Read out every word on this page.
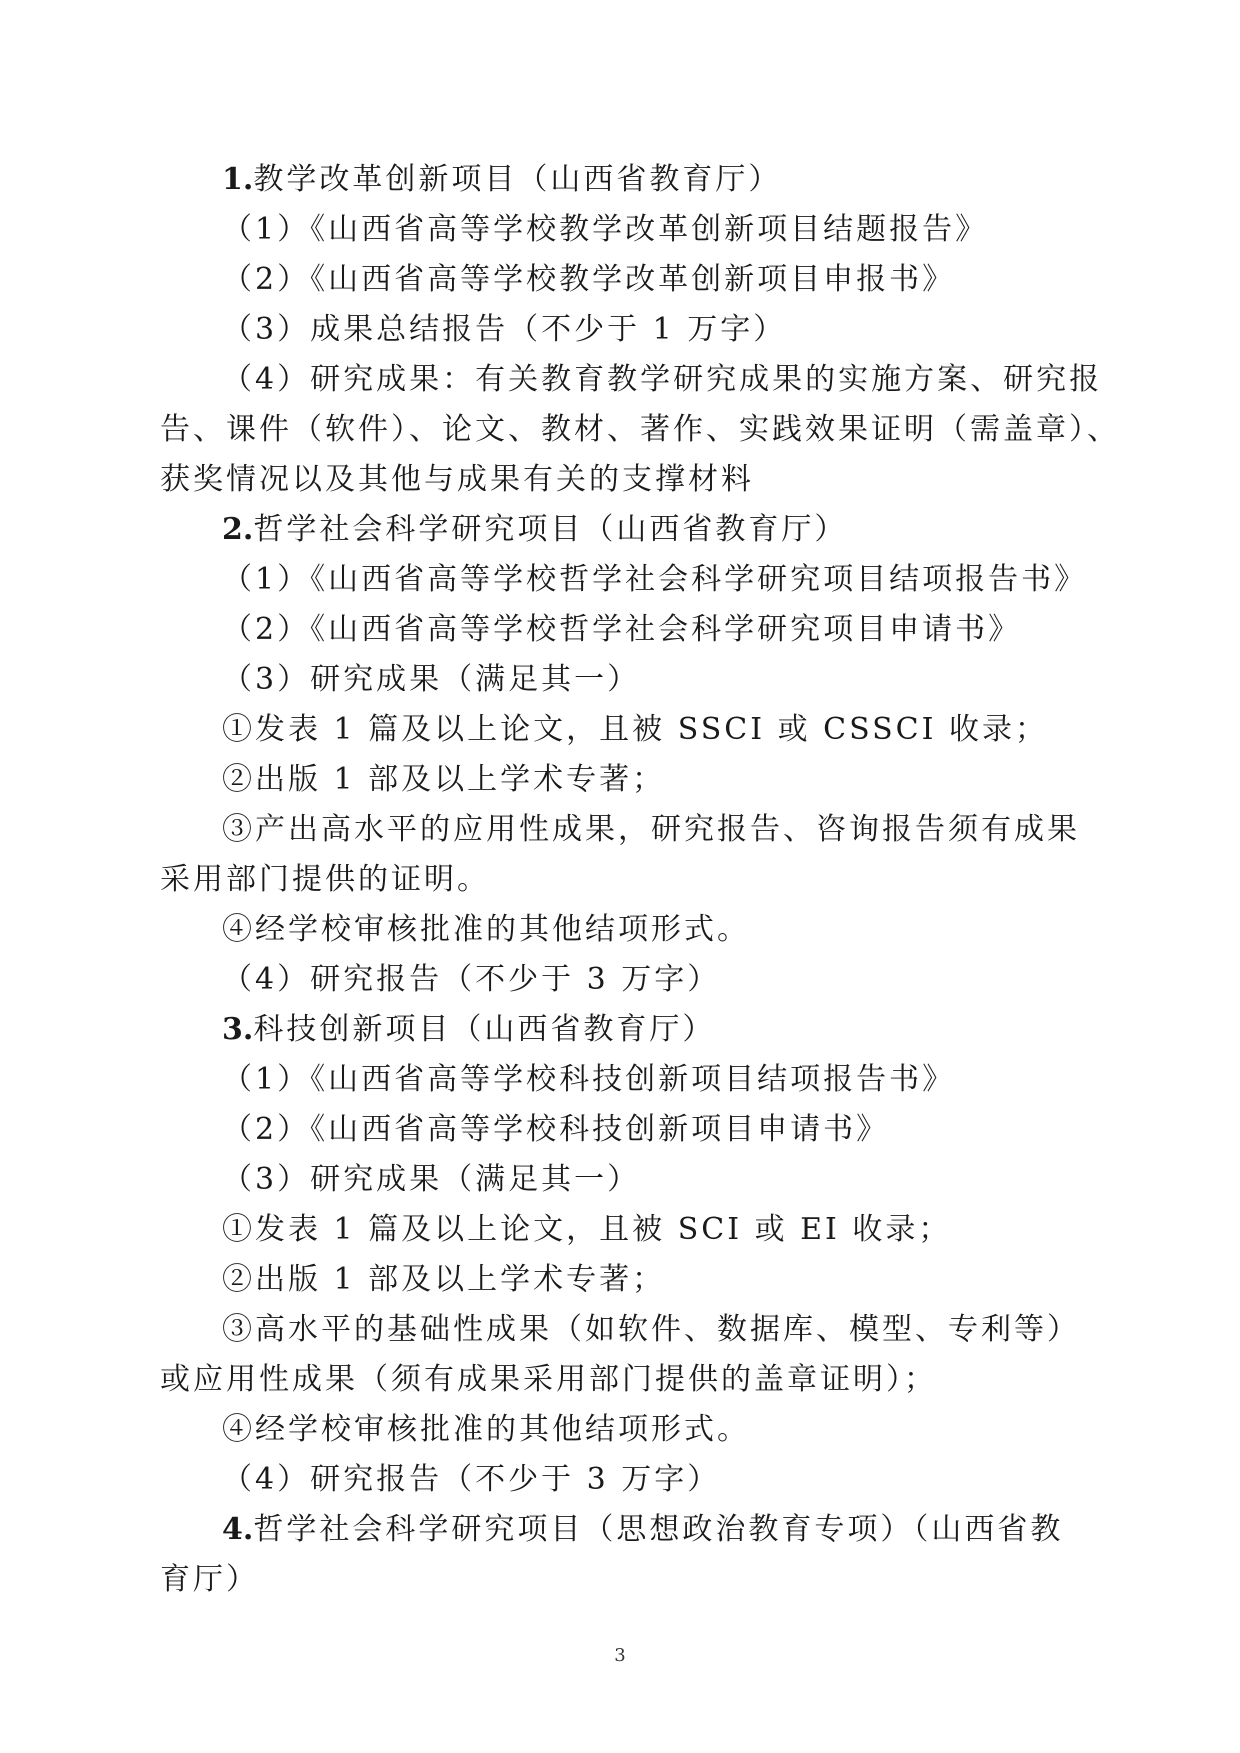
1.教学改革创新项目（山西省教育厅）
（1）《山西省高等学校教学改革创新项目结题报告》
（2）《山西省高等学校教学改革创新项目申报书》
（3）成果总结报告（不少于 1 万字）
（4）研究成果：有关教育教学研究成果的实施方案、研究报
告、课件（软件）、论文、教材、著作、实践效果证明（需盖章）、
获奖情况以及其他与成果有关的支撑材料
2.哲学社会科学研究项目（山西省教育厅）
（1）《山西省高等学校哲学社会科学研究项目结项报告书》
（2）《山西省高等学校哲学社会科学研究项目申请书》
（3）研究成果（满足其一）
①发表 1 篇及以上论文，且被 SSCI 或 CSSCI 收录；
②出版 1 部及以上学术专著；
③产出高水平的应用性成果，研究报告、咨询报告须有成果
采用部门提供的证明。
④经学校审核批准的其他结项形式。
（4）研究报告（不少于 3 万字）
3.科技创新项目（山西省教育厅）
（1）《山西省高等学校科技创新项目结项报告书》
（2）《山西省高等学校科技创新项目申请书》
（3）研究成果（满足其一）
①发表 1 篇及以上论文，且被 SCI 或 EI 收录；
②出版 1 部及以上学术专著；
③高水平的基础性成果（如软件、数据库、模型、专利等）
或应用性成果（须有成果采用部门提供的盖章证明）；
④经学校审核批准的其他结项形式。
（4）研究报告（不少于 3 万字）
4.哲学社会科学研究项目（思想政治教育专项）（山西省教
育厅）
3
